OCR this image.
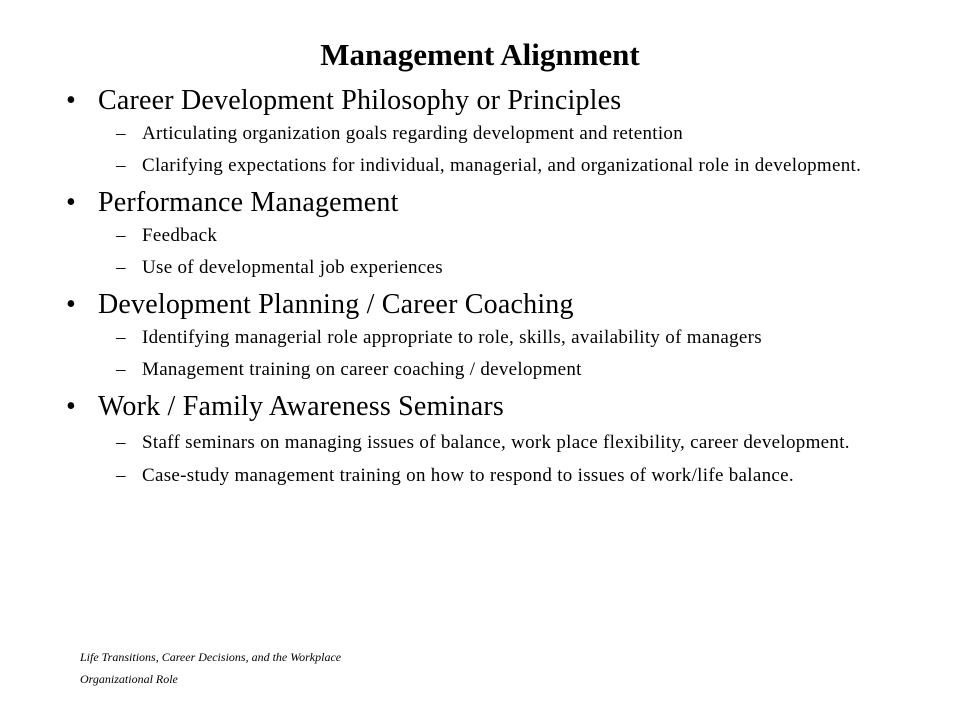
Management Alignment
• Career Development Philosophy or Principles
– Articulating organization goals regarding development and retention
– Clarifying expectations for individual, managerial, and organizational role in development.
• Performance Management
– Feedback
– Use of developmental job experiences
• Development Planning / Career Coaching
– Identifying managerial role appropriate to role, skills, availability of managers
– Management training on career coaching / development
• Work / Family Awareness Seminars
– Staff seminars on managing issues of balance, work place flexibility, career development.
– Case-study management training on how to respond to issues of work/life balance.
Life Transitions, Career Decisions, and the Workplace
Organizational Role
